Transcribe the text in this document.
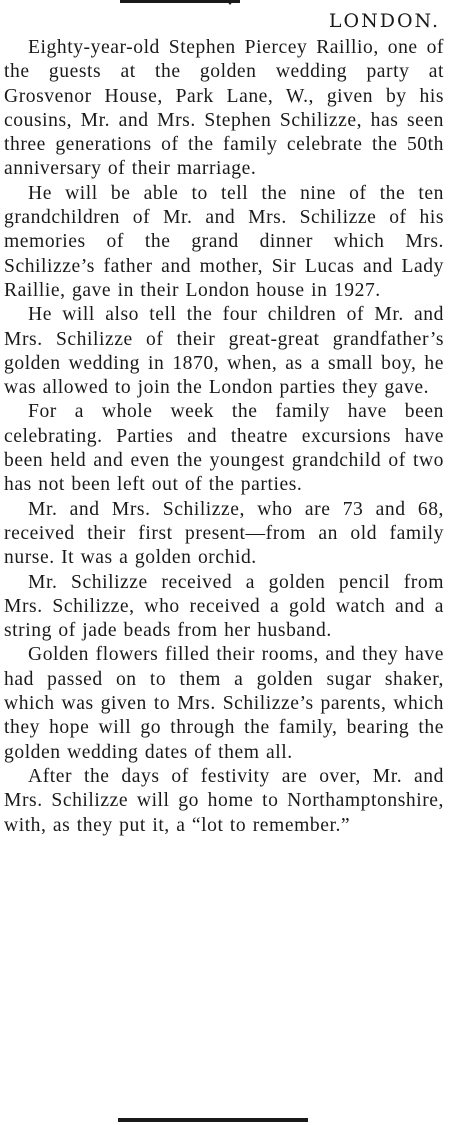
LONDON.

Eighty-year-old Stephen Piercey Raillio, one of the guests at the golden wedding party at Grosvenor House, Park Lane, W., given by his cousins, Mr. and Mrs. Stephen Schilizze, has seen three generations of the family celebrate the 50th anniversary of their marriage.

He will be able to tell the nine of the ten grandchildren of Mr. and Mrs. Schilizze of his memories of the grand dinner which Mrs. Schilizze’s father and mother, Sir Lucas and Lady Raillie, gave in their London house in 1927.

He will also tell the four children of Mr. and Mrs. Schilizze of their great-great grandfather’s golden wedding in 1870, when, as a small boy, he was allowed to join the London parties they gave.

For a whole week the family have been celebrating. Parties and theatre excursions have been held and even the youngest grandchild of two has not been left out of the parties.

Mr. and Mrs. Schilizze, who are 73 and 68, received their first present—from an old family nurse. It was a golden orchid.

Mr. Schilizze received a golden pencil from Mrs. Schilizze, who received a gold watch and a string of jade beads from her husband.

Golden flowers filled their rooms, and they have had passed on to them a golden sugar shaker, which was given to Mrs. Schilizze’s parents, which they hope will go through the family, bearing the golden wedding dates of them all.

After the days of festivity are over, Mr. and Mrs. Schilizze will go home to Northamptonshire, with, as they put it, a “lot to remember.”
